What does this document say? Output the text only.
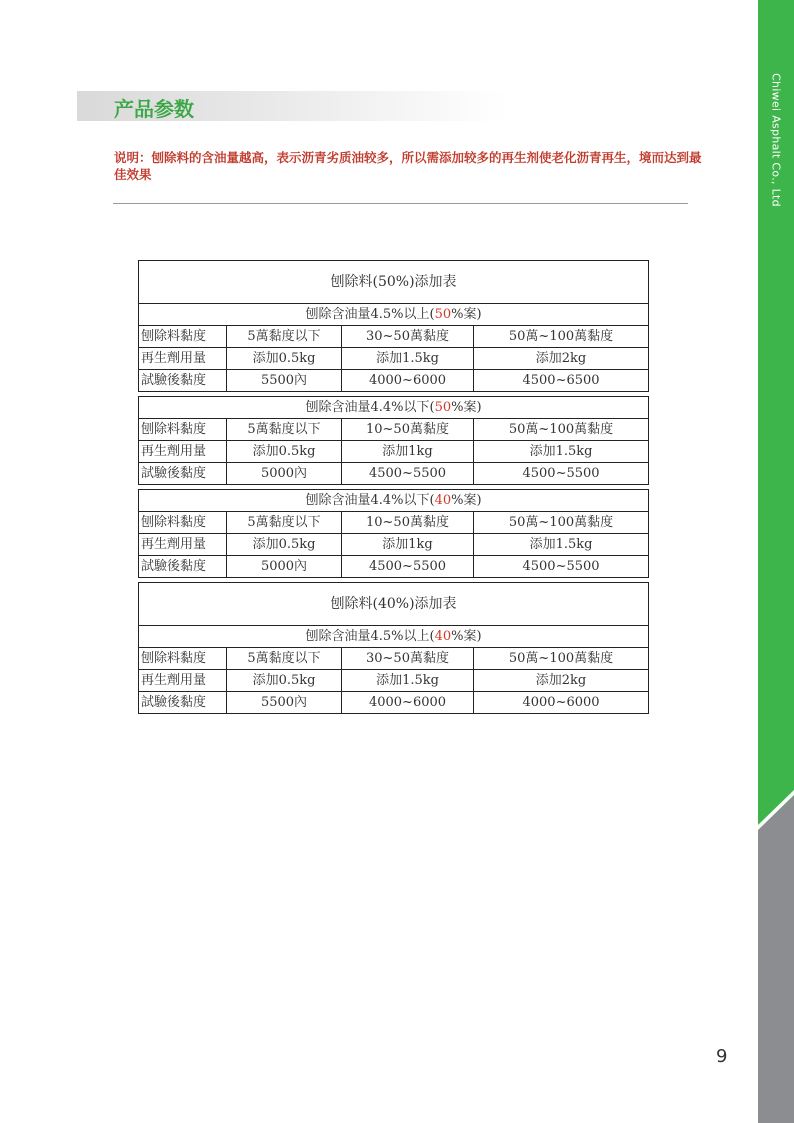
Chiwei Asphalt Co., Ltd
产品参数
说明：刨除料的含油量越高，表示沥青劣质油较多，所以需添加较多的再生剂使老化沥青再生，境而达到最佳效果
刨除料(50%)添加表			
刨除含油量4.5%以上(50%案)			
刨除料黏度	5萬黏度以下	30~50萬黏度	50萬~100萬黏度
再生劑用量	添加0.5kg	添加1.5kg	添加2kg
試驗後黏度	5500內	4000~6000	4500~6500
刨除含油量4.4%以下(50%案)			
刨除料黏度	5萬黏度以下	10~50萬黏度	50萬~100萬黏度
再生劑用量	添加0.5kg	添加1kg	添加1.5kg
試驗後黏度	5000內	4500~5500	4500~5500
刨除含油量4.4%以下(40%案)			
刨除料黏度	5萬黏度以下	10~50萬黏度	50萬~100萬黏度
再生劑用量	添加0.5kg	添加1kg	添加1.5kg
試驗後黏度	5000內	4500~5500	4500~5500
刨除料(40%)添加表			
刨除含油量4.5%以上(40%案)			
刨除料黏度	5萬黏度以下	30~50萬黏度	50萬~100萬黏度
再生劑用量	添加0.5kg	添加1.5kg	添加2kg
試驗後黏度	5500內	4000~6000	4000~6000
9
